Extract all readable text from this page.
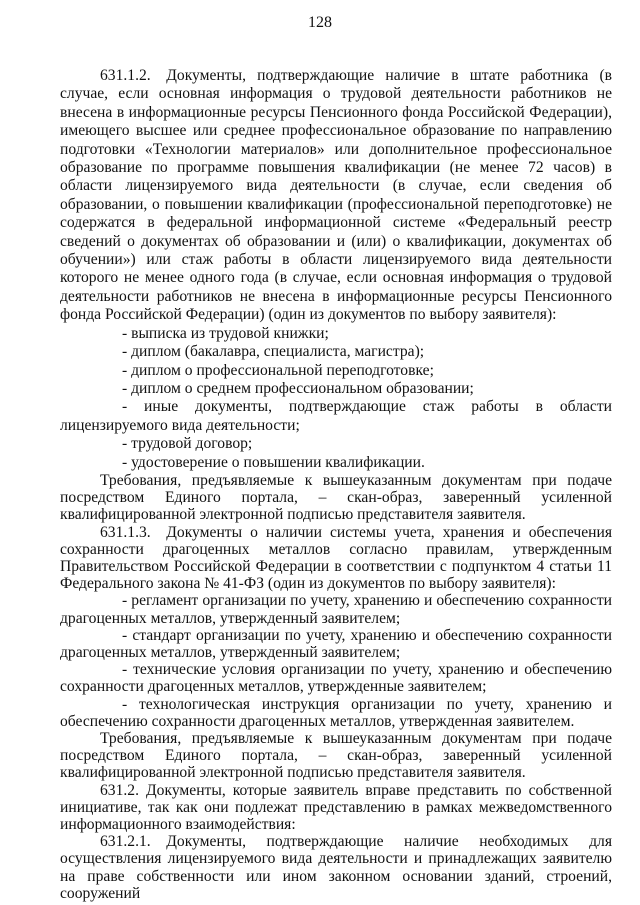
128

631.1.2. Документы, подтверждающие наличие в штате работника (в случае, если основная информация о трудовой деятельности работников не внесена в информационные ресурсы Пенсионного фонда Российской Федерации), имеющего высшее или среднее профессиональное образование по направлению подготовки «Технологии материалов» или дополнительное профессиональное образование по программе повышения квалификации (не менее 72 часов) в области лицензируемого вида деятельности (в случае, если сведения об образовании, о повышении квалификации (профессиональной переподготовке) не содержатся в федеральной информационной системе «Федеральный реестр сведений о документах об образовании и (или) о квалификации, документах об обучении») или стаж работы в области лицензируемого вида деятельности которого не менее одного года (в случае, если основная информация о трудовой деятельности работников не внесена в информационные ресурсы Пенсионного фонда Российской Федерации) (один из документов по выбору заявителя):

- выписка из трудовой книжки;

- диплом (бакалавра, специалиста, магистра);

- диплом о профессиональной переподготовке;

- диплом о среднем профессиональном образовании;

- иные документы, подтверждающие стаж работы в области лицензируемого вида деятельности;

- трудовой договор;

- удостоверение о повышении квалификации.

Требования, предъявляемые к вышеуказанным документам при подаче посредством Единого портала, – скан-образ, заверенный усиленной квалифицированной электронной подписью представителя заявителя.

631.1.3. Документы о наличии системы учета, хранения и обеспечения сохранности драгоценных металлов согласно правилам, утвержденным Правительством Российской Федерации в соответствии с подпунктом 4 статьи 11 Федерального закона № 41-ФЗ (один из документов по выбору заявителя):

- регламент организации по учету, хранению и обеспечению сохранности драгоценных металлов, утвержденный заявителем;

- стандарт организации по учету, хранению и обеспечению сохранности драгоценных металлов, утвержденный заявителем;

- технические условия организации по учету, хранению и обеспечению сохранности драгоценных металлов, утвержденные заявителем;

- технологическая инструкция организации по учету, хранению и обеспечению сохранности драгоценных металлов, утвержденная заявителем.

Требования, предъявляемые к вышеуказанным документам при подаче посредством Единого портала, – скан-образ, заверенный усиленной квалифицированной электронной подписью представителя заявителя.

631.2. Документы, которые заявитель вправе представить по собственной инициативе, так как они подлежат представлению в рамках межведомственного информационного взаимодействия:

631.2.1. Документы, подтверждающие наличие необходимых для осуществления лицензируемого вида деятельности и принадлежащих заявителю на праве собственности или ином законном основании зданий, строений, сооружений
